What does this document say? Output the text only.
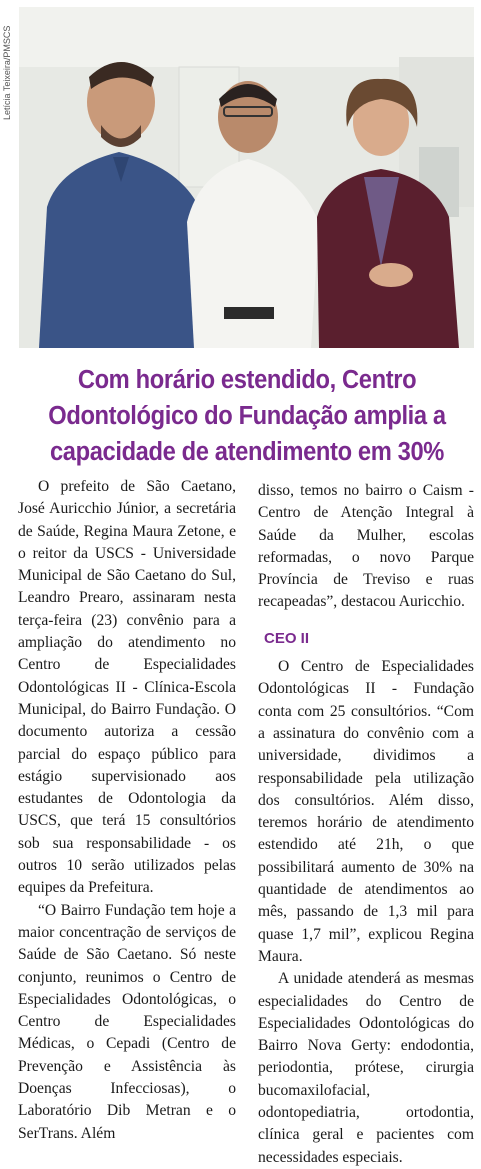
Letícia Teixeira/PMSCS
Com horário estendido, Centro Odontológico do Fundação amplia a capacidade de atendimento em 30%

O prefeito de São Caetano, José Auricchio Júnior, a secretária de Saúde, Regina Maura Zetone, e o reitor da USCS - Universidade Municipal de São Caetano do Sul, Leandro Prearo, assinaram nesta terça-feira (23) convênio para a ampliação do atendimento no Centro de Especialidades Odontológicas II - Clínica-Escola Municipal, do Bairro Fundação. O documento autoriza a cessão parcial do espaço público para estágio supervisionado aos estudantes de Odontologia da USCS, que terá 15 consultórios sob sua responsabilidade - os outros 10 serão utilizados pelas equipes da Prefeitura.

“O Bairro Fundação tem hoje a maior concentração de serviços de Saúde de São Caetano. Só neste conjunto, reunimos o Centro de Especialidades Odontológicas, o Centro de Especialidades Médicas, o Cepadi (Centro de Prevenção e Assistência às Doenças Infecciosas), o Laboratório Dib Metran e o SerTrans. Além

disso, temos no bairro o Caism - Centro de Atenção Integral à Saúde da Mulher, escolas reformadas, o novo Parque Província de Treviso e ruas recapeadas”, destacou Auricchio.

CEO II

O Centro de Especialidades Odontológicas II - Fundação conta com 25 consultórios. “Com a assinatura do convênio com a universidade, dividimos a responsabilidade pela utilização dos consultórios. Além disso, teremos horário de atendimento estendido até 21h, o que possibilitará aumento de 30% na quantidade de atendimentos ao mês, passando de 1,3 mil para quase 1,7 mil”, explicou Regina Maura.

A unidade atenderá as mesmas especialidades do Centro de Especialidades Odontológicas do Bairro Nova Gerty: endodontia, periodontia, prótese, cirurgia bucomaxilofacial, odontopediatria, ortodontia, clínica geral e pacientes com necessidades especiais.
